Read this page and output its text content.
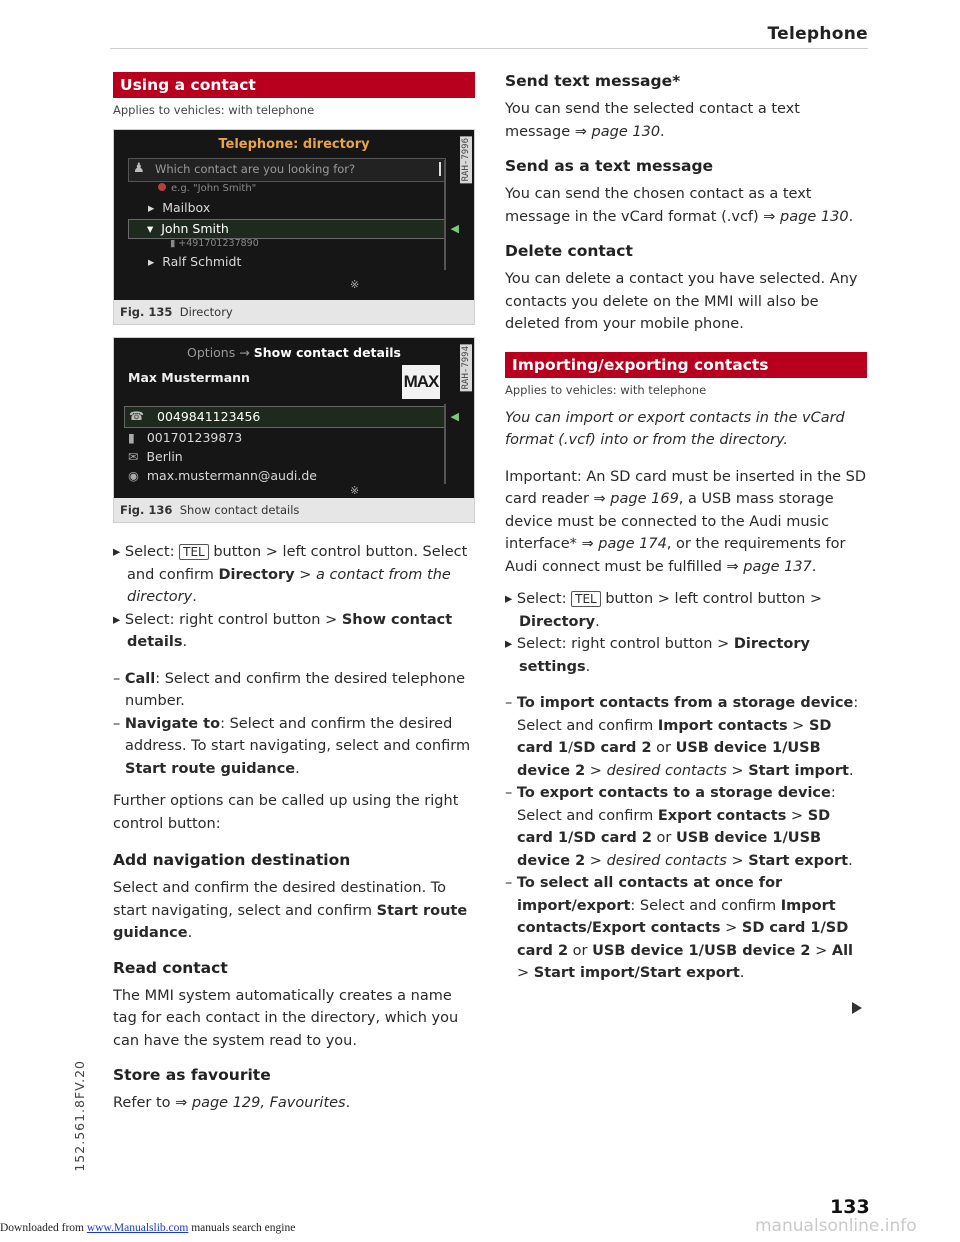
Telephone
Using a contact
Applies to vehicles: with telephone
Telephone: directory
♟ Which contact are you looking for?
e.g. "John Smith"
▸  Mailbox
▾  John Smith	◀
▮ +491701237890
▸  Ralf Schmidt
※
RAH-7996
Fig. 135 Directory
Options → Show contact details
Max Mustermann	MAX
☎ 0049841123456	◀
▮ 001701239873
✉ Berlin
◉ max.mustermann@audi.de
※
RAH-7994
Fig. 136 Show contact details
▸ Select: TEL button > left control button. Select and confirm Directory > a contact from the directory.
▸ Select: right control button > Show contact details.
– Call: Select and confirm the desired telephone number.
– Navigate to: Select and confirm the desired address. To start navigating, select and confirm Start route guidance.

Further options can be called up using the right control button:

Add navigation destination

Select and confirm the desired destination. To start navigating, select and confirm Start route guidance.

Read contact

The MMI system automatically creates a name tag for each contact in the directory, which you can have the system read to you.

Store as favourite

Refer to ⇒ page 129, Favourites.

Send text message*

You can send the selected contact a text message ⇒ page 130.

Send as a text message

You can send the chosen contact as a text message in the vCard format (.vcf) ⇒ page 130.

Delete contact

You can delete a contact you have selected. Any contacts you delete on the MMI will also be deleted from your mobile phone.

Importing/exporting contacts
Applies to vehicles: with telephone

You can import or export contacts in the vCard format (.vcf) into or from the directory.

Important: An SD card must be inserted in the SD card reader ⇒ page 169, a USB mass storage device must be connected to the Audi music interface* ⇒ page 174, or the requirements for Audi connect must be fulfilled ⇒ page 137.

▸ Select: TEL button > left control button > Directory.
▸ Select: right control button > Directory settings.
– To import contacts from a storage device: Select and confirm Import contacts > SD card 1/SD card 2 or USB device 1/USB device 2 > desired contacts > Start import.
– To export contacts to a storage device: Select and confirm Export contacts > SD card 1/SD card 2 or USB device 1/USB device 2 > desired contacts > Start export.
– To select all contacts at once for import/export: Select and confirm Import contacts/Export contacts > SD card 1/SD card 2 or USB device 1/USB device 2 > All > Start import/Start export.
152.561.8FV.20
133
manualsonline.info
Downloaded from www.Manualslib.com manuals search engine
